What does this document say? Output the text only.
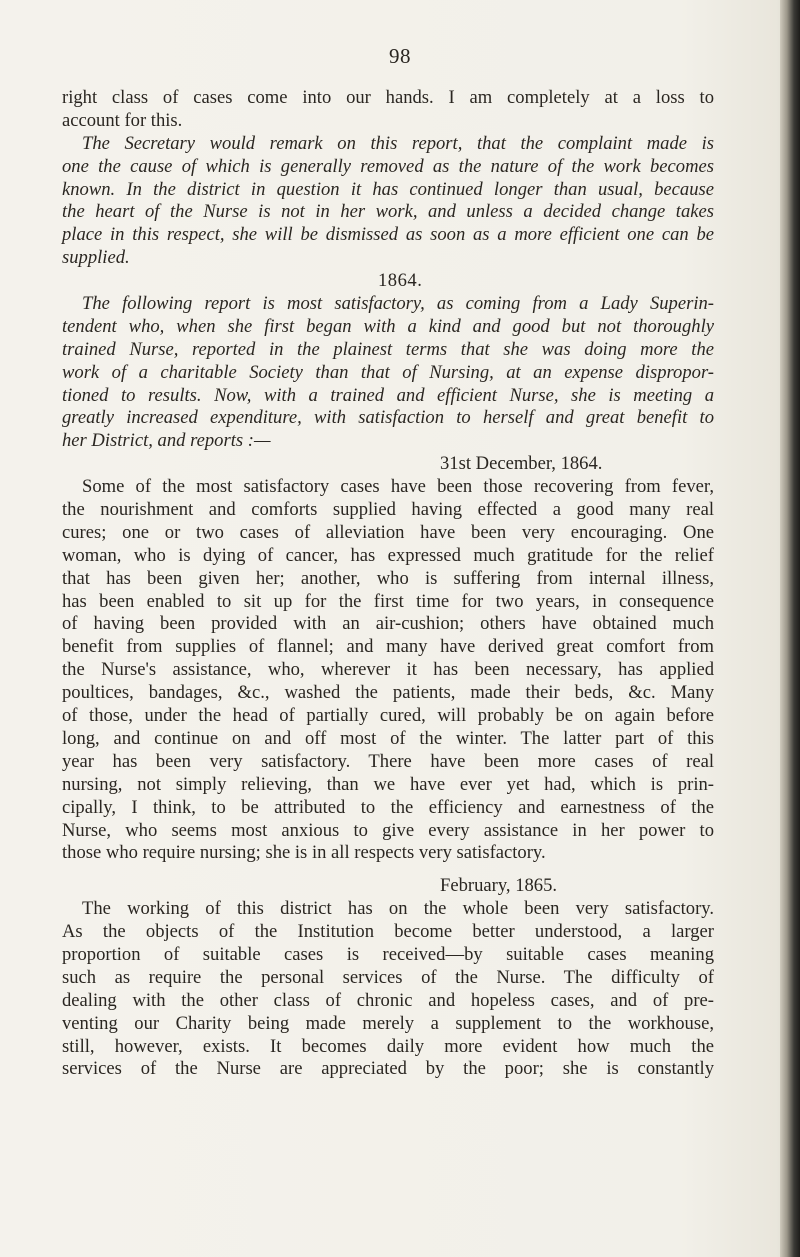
98
right class of cases come into our hands. I am completely at a loss to
account for this.
The Secretary would remark on this report, that the complaint made is
one the cause of which is generally removed as the nature of the work becomes
known. In the district in question it has continued longer than usual, because
the heart of the Nurse is not in her work, and unless a decided change takes
place in this respect, she will be dismissed as soon as a more efficient one can be
supplied.
1864.
The following report is most satisfactory, as coming from a Lady Superin-
tendent who, when she first began with a kind and good but not thoroughly
trained Nurse, reported in the plainest terms that she was doing more the
work of a charitable Society than that of Nursing, at an expense dispropor-
tioned to results. Now, with a trained and efficient Nurse, she is meeting a
greatly increased expenditure, with satisfaction to herself and great benefit to
her District, and reports :—
31st December, 1864.
Some of the most satisfactory cases have been those recovering from fever,
the nourishment and comforts supplied having effected a good many real
cures; one or two cases of alleviation have been very encouraging. One
woman, who is dying of cancer, has expressed much gratitude for the relief
that has been given her; another, who is suffering from internal illness,
has been enabled to sit up for the first time for two years, in consequence
of having been provided with an air-cushion; others have obtained much
benefit from supplies of flannel; and many have derived great comfort from
the Nurse's assistance, who, wherever it has been necessary, has applied
poultices, bandages, &c., washed the patients, made their beds, &c. Many
of those, under the head of partially cured, will probably be on again before
long, and continue on and off most of the winter. The latter part of this
year has been very satisfactory. There have been more cases of real
nursing, not simply relieving, than we have ever yet had, which is prin-
cipally, I think, to be attributed to the efficiency and earnestness of the
Nurse, who seems most anxious to give every assistance in her power to
those who require nursing; she is in all respects very satisfactory.
February, 1865.
The working of this district has on the whole been very satisfactory.
As the objects of the Institution become better understood, a larger
proportion of suitable cases is received—by suitable cases meaning
such as require the personal services of the Nurse. The difficulty of
dealing with the other class of chronic and hopeless cases, and of pre-
venting our Charity being made merely a supplement to the workhouse,
still, however, exists. It becomes daily more evident how much the
services of the Nurse are appreciated by the poor; she is constantly
